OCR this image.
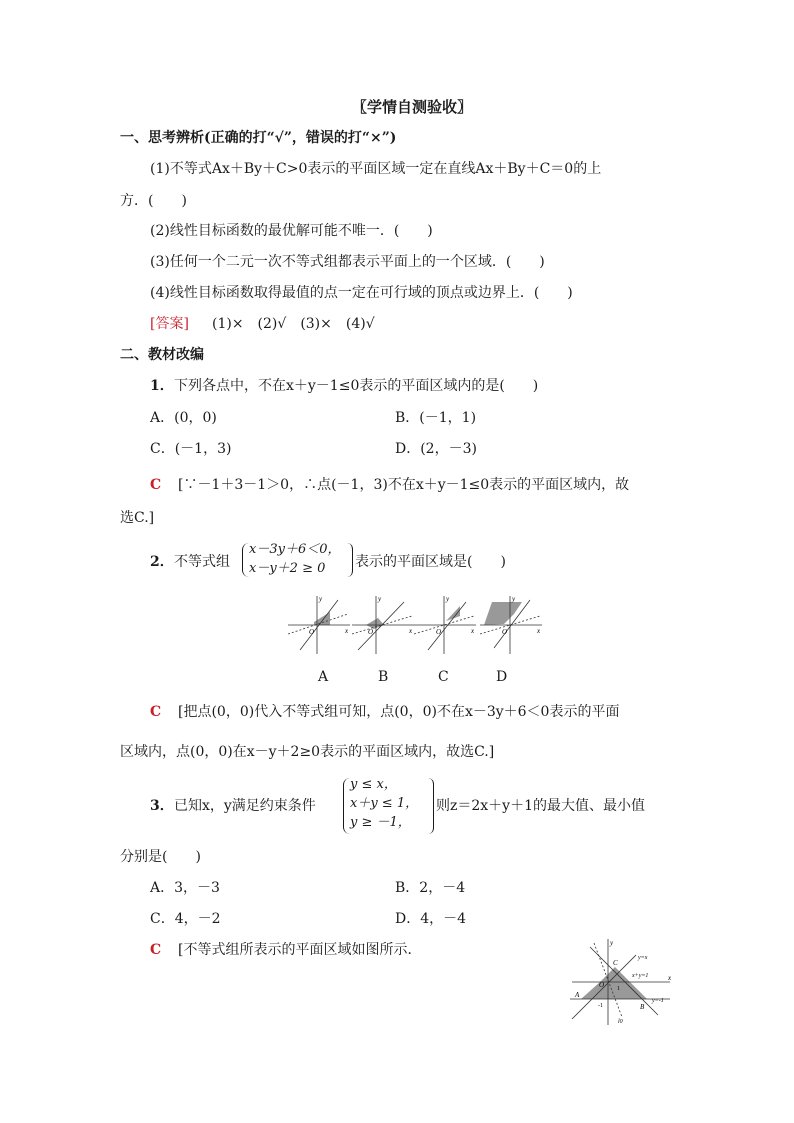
〖学情自测验收〗
一、思考辨析(正确的打“√”，错误的打“×”)
(1)不等式Ax＋By＋C>0表示的平面区域一定在直线Ax＋By＋C＝0的上
方．(　　)
(2)线性目标函数的最优解可能不唯一．(　　)
(3)任何一个二元一次不等式组都表示平面上的一个区域．(　　)
(4)线性目标函数取得最值的点一定在可行域的顶点或边界上．(　　)
[答案] (1)×　(2)√　(3)×　(4)√
二、教材改编
1． 下列各点中，不在x＋y－1≤0表示的平面区域内的是(　　)
A．(0，0)	B．(－1，1)
C．(－1，3)	D．(2，－3)
C [∵－1＋3－1＞0，∴点(－1，3)不在x＋y－1≤0表示的平面区域内，故
选C.]
2． 不等式组
x－3y＋6＜0，
x－y＋2 ≥ 0 表示的平面区域是(　　)
O	x
y
O	x
y
O	x
y
O	x
y
A	B	C	D
C [把点(0，0)代入不等式组可知，点(0，0)不在x－3y＋6＜0表示的平面
区域内，点(0，0)在x－y＋2≥0表示的平面区域内，故选C.]
3． 已知x，y满足约束条件
y ≤ x，
x＋y ≤ 1，
y ≥ －1，
则z＝2x＋y＋1的最大值、最小值
分别是(　　)
A．3，－3	B．2，－4
C．4，－2	D．4，－4
C [不等式组所表示的平面区域如图所示．	y
x
O
A
B
C
-1
1
y=x
x+y=1
y=-1
l0
